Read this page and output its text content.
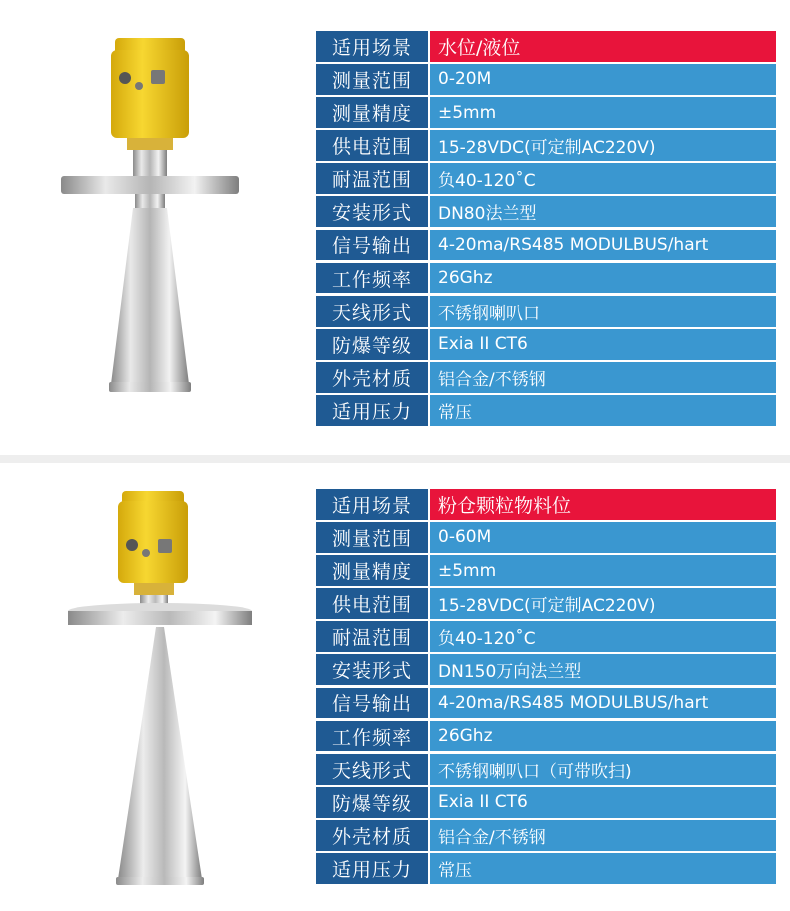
适用场景	水位/液位
测量范围	0-20M
测量精度	±5mm
供电范围	15-28VDC(可定制AC220V)
耐温范围	负40-120˚C
安装形式	DN80法兰型
信号输出	4-20ma/RS485 MODULBUS/hart
工作频率	26Ghz
天线形式	不锈钢喇叭口
防爆等级	Exia II CT6
外壳材质	铝合金/不锈钢
适用压力	常压
适用场景	粉仓颗粒物料位
测量范围	0-60M
测量精度	±5mm
供电范围	15-28VDC(可定制AC220V)
耐温范围	负40-120˚C
安装形式	DN150万向法兰型
信号输出	4-20ma/RS485 MODULBUS/hart
工作频率	26Ghz
天线形式	不锈钢喇叭口（可带吹扫)
防爆等级	Exia II CT6
外壳材质	铝合金/不锈钢
适用压力	常压
